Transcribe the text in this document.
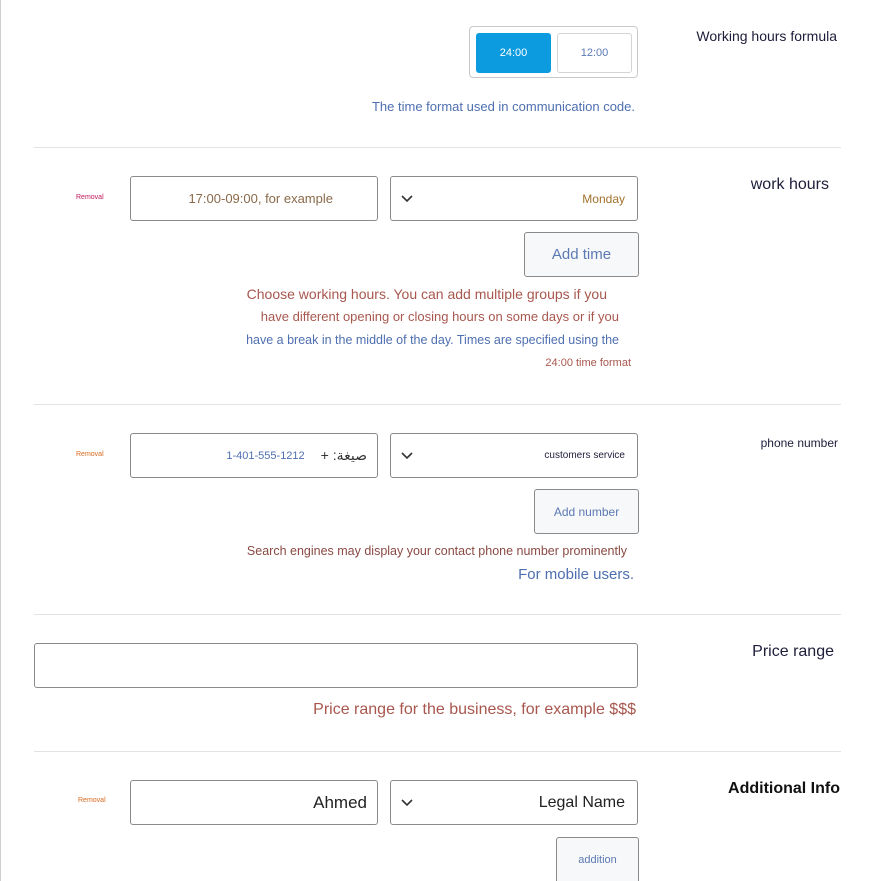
Working hours formula
24:00	12:00
The time format used in communication code.
work hours
Removal	17:00-09:00, for example	Monday
Add time
Choose working hours. You can add multiple groups if you
have different opening or closing hours on some days or if you
have a break in the middle of the day. Times are specified using the
24:00 time format
phone number
Removal	1-401-555-1212 صيغة: +	customers service
Add number
Search engines may display your contact phone number prominently
For mobile users.
Price range
Price range for the business, for example $$$
Additional Info
Removal	Ahmed	Legal Name
addition
